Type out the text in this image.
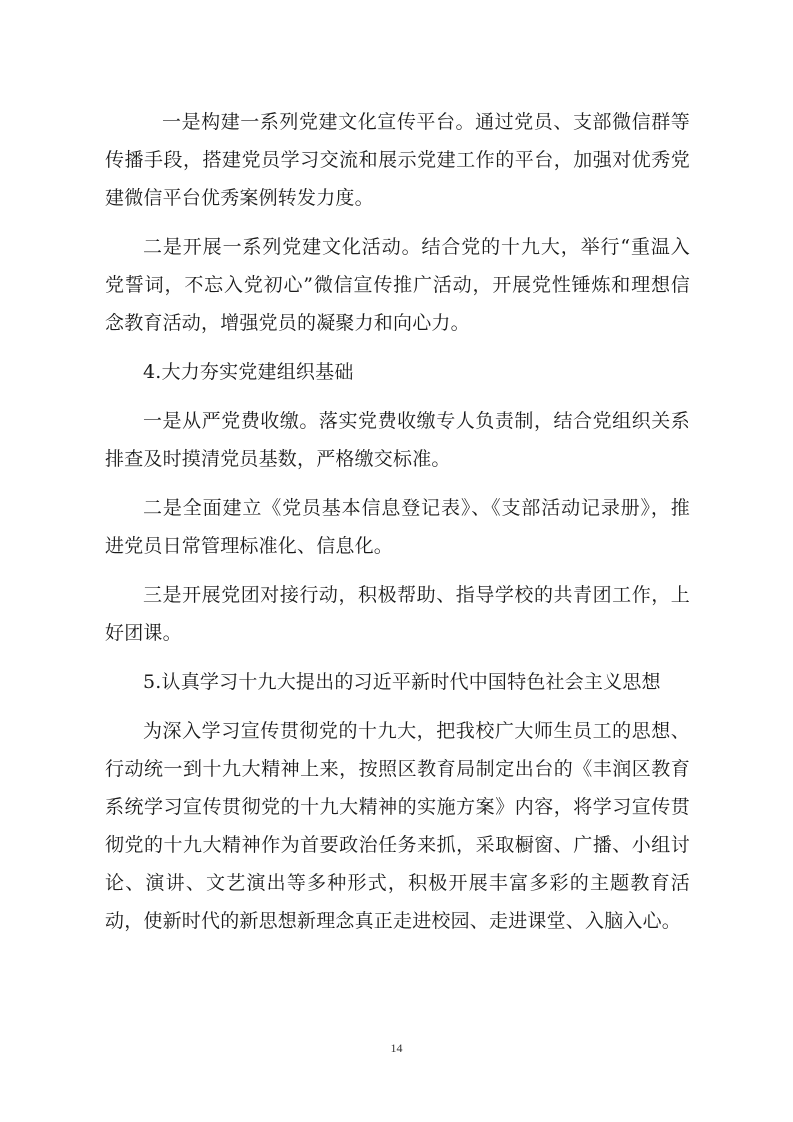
一是构建一系列党建文化宣传平台。通过党员、支部微信群等传播手段，搭建党员学习交流和展示党建工作的平台，加强对优秀党建微信平台优秀案例转发力度。

二是开展一系列党建文化活动。结合党的十九大，举行“重温入党誓词，不忘入党初心”微信宣传推广活动，开展党性锤炼和理想信念教育活动，增强党员的凝聚力和向心力。

4.大力夯实党建组织基础

一是从严党费收缴。落实党费收缴专人负责制，结合党组织关系排查及时摸清党员基数，严格缴交标准。

二是全面建立《党员基本信息登记表》、《支部活动记录册》，推进党员日常管理标准化、信息化。

三是开展党团对接行动，积极帮助、指导学校的共青团工作，上好团课。

5.认真学习十九大提出的习近平新时代中国特色社会主义思想

为深入学习宣传贯彻党的十九大，把我校广大师生员工的思想、行动统一到十九大精神上来，按照区教育局制定出台的《丰润区教育系统学习宣传贯彻党的十九大精神的实施方案》内容，将学习宣传贯彻党的十九大精神作为首要政治任务来抓，采取橱窗、广播、小组讨论、演讲、文艺演出等多种形式，积极开展丰富多彩的主题教育活动，使新时代的新思想新理念真正走进校园、走进课堂、入脑入心。

14
